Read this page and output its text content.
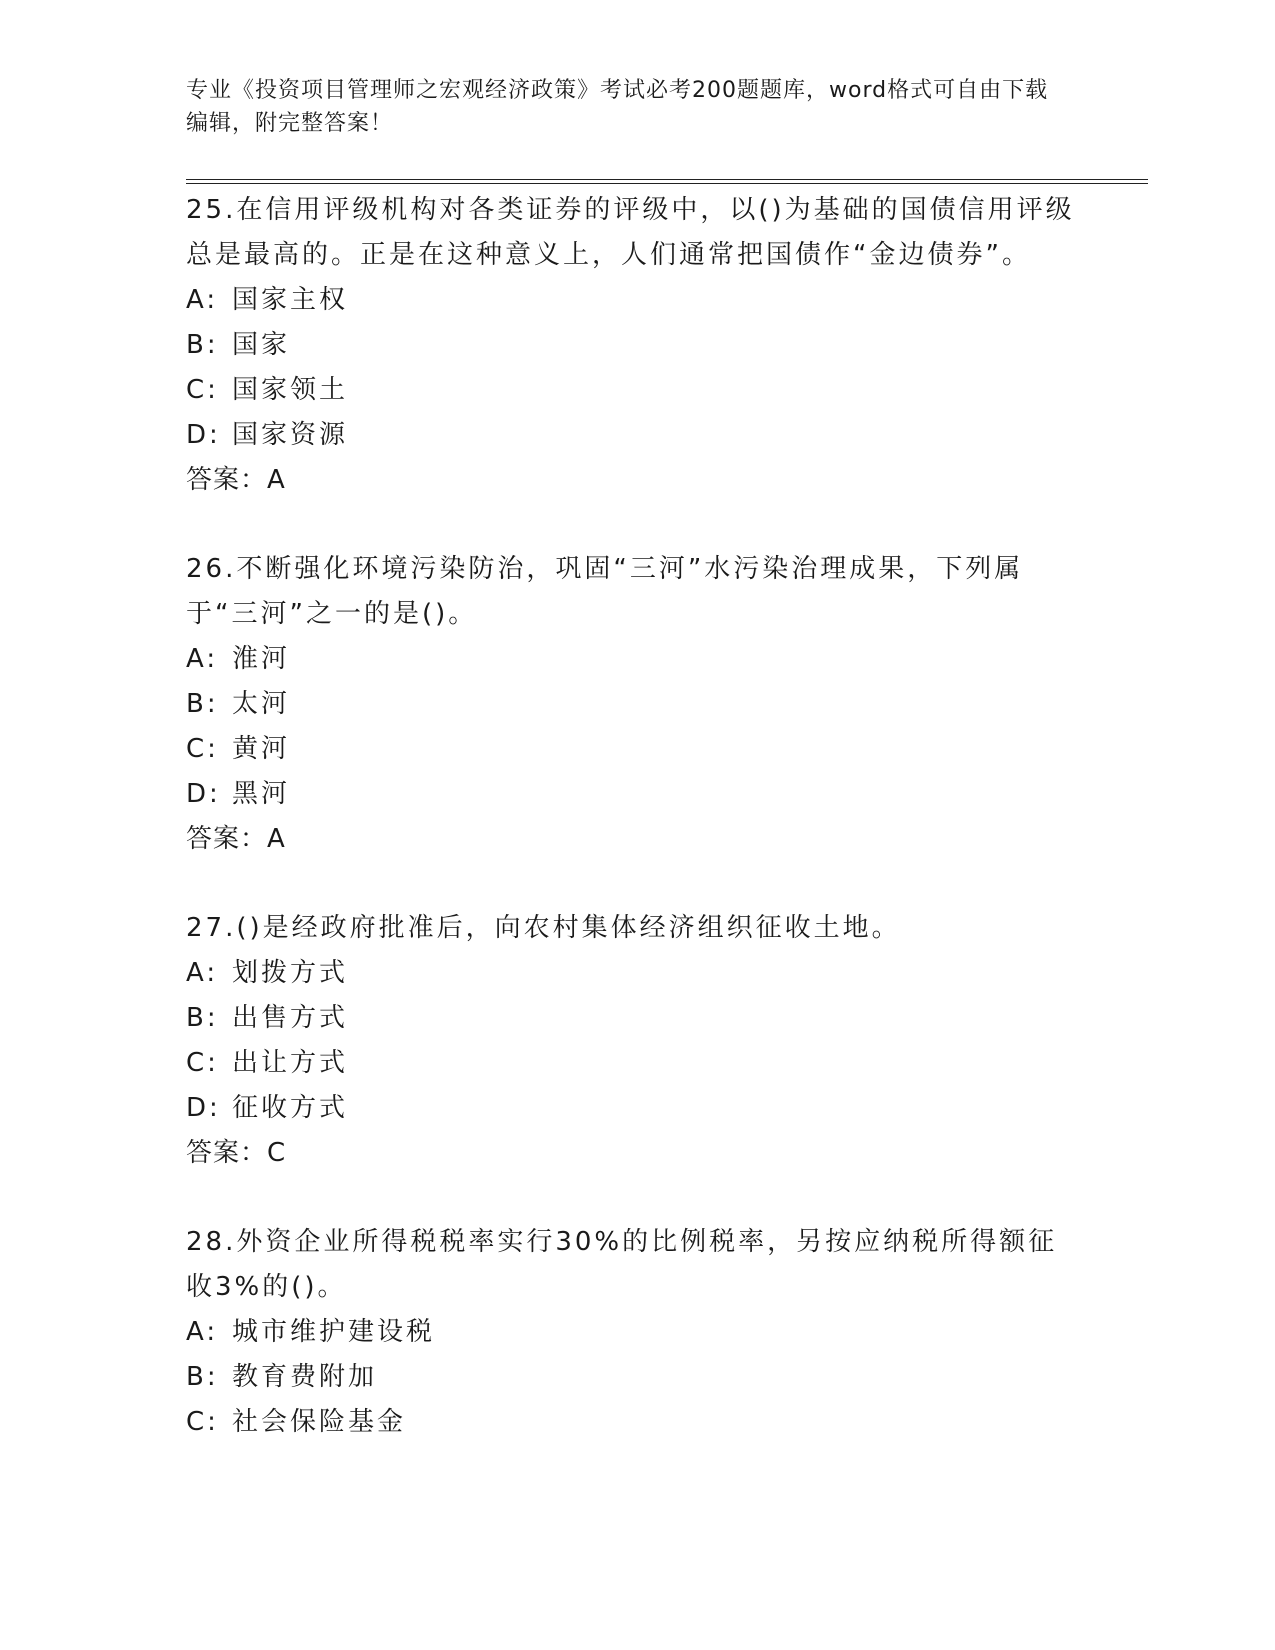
专业《投资项目管理师之宏观经济政策》考试必考200题题库，word格式可自由下载编辑，附完整答案！

25.在信用评级机构对各类证券的评级中，以()为基础的国债信用评级总是最高的。正是在这种意义上，人们通常把国债作“金边债券”。

A: 国家主权

B: 国家

C: 国家领土

D: 国家资源

答案：A

26.不断强化环境污染防治，巩固“三河”水污染治理成果，下列属于“三河”之一的是()。

A: 淮河

B: 太河

C: 黄河

D: 黑河

答案：A

27.()是经政府批准后，向农村集体经济组织征收土地。

A: 划拨方式

B: 出售方式

C: 出让方式

D: 征收方式

答案：C

28.外资企业所得税税率实行30%的比例税率，另按应纳税所得额征收3%的()。

A: 城市维护建设税

B: 教育费附加

C: 社会保险基金
